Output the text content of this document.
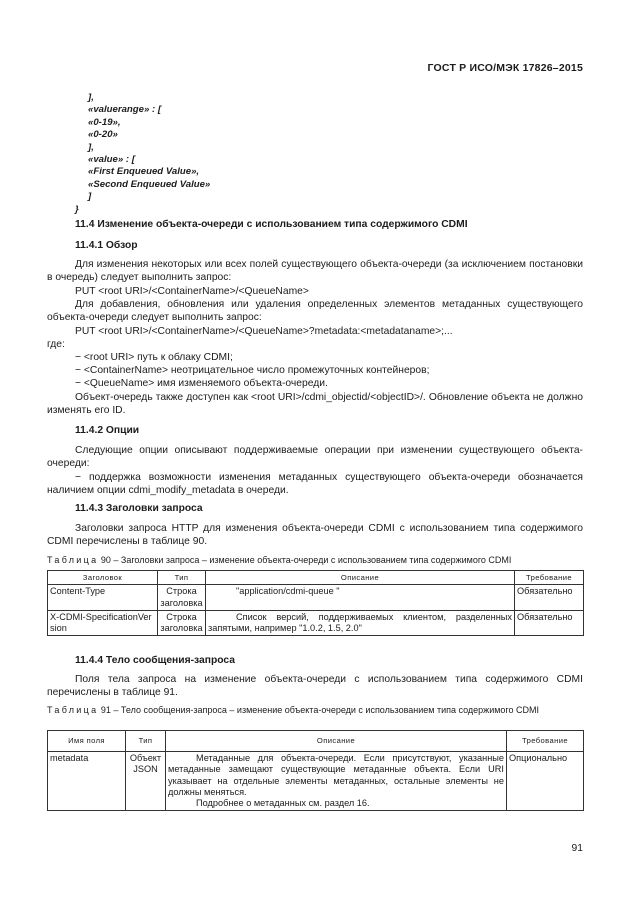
ГОСТ Р ИСО/МЭК 17826–2015
],
«valuerange» : [
«0-19»,
«0-20»
],
«value» : [
«First Enqueued Value»,
«Second Enqueued Value»
]
}
11.4 Изменение объекта-очереди с использованием типа содержимого CDMI
11.4.1 Обзор
Для изменения некоторых или всех полей существующего объекта-очереди (за исключением постановки в очередь) следует выполнить запрос:
PUT <root URI>/<ContainerName>/<QueueName>
Для добавления, обновления или удаления определенных элементов метаданных существующего объекта-очереди следует выполнить запрос:
PUT <root URI>/<ContainerName>/<QueueName>?metadata:<metadataname>;...
где:
− <root URI> путь к облаку CDMI;
− <ContainerName> неотрицательное число промежуточных контейнеров;
− <QueueName> имя изменяемого объекта-очереди.
Объект-очередь также доступен как <root URI>/cdmi_objectid/<objectID>/. Обновление объекта не должно изменять его ID.
11.4.2 Опции
Следующие опции описывают поддерживаемые операции при изменении существующего объекта-очереди:
− поддержка возможности изменения метаданных существующего объекта-очереди обозначается наличием опции cdmi_modify_metadata в очереди.
11.4.3 Заголовки запроса
Заголовки запроса HTTP для изменения объекта-очереди CDMI с использованием типа содержимого CDMI перечислены в таблице 90.
Таблица 90 – Заголовки запроса – изменение объекта-очереди с использованием типа содержимого CDMI
Заголовок	Тип	Описание	Требование
Content-Type	Строка заголовка	"application/cdmi-queue "	Обязательно
X-CDMI-SpecificationVersion	Строка заголовка	Список версий, поддерживаемых клиентом, разделенных запятыми, например "1.0.2, 1.5, 2.0"	Обязательно
11.4.4 Тело сообщения-запроса
Поля тела запроса на изменение объекта-очереди с использованием типа содержимого CDMI перечислены в таблице 91.
Таблица 91 – Тело сообщения-запроса – изменение объекта-очереди с использованием типа содержимого CDMI
Имя поля	Тип	Описание	Требование
metadata	Объект JSON	Метаданные для объекта-очереди. Если присутствуют, указанные метаданные замещают существующие метаданные объекта. Если URI указывает на отдельные элементы метаданных, остальные элементы не должны меняться.
Подробнее о метаданных см. раздел 16.	Опционально
91
